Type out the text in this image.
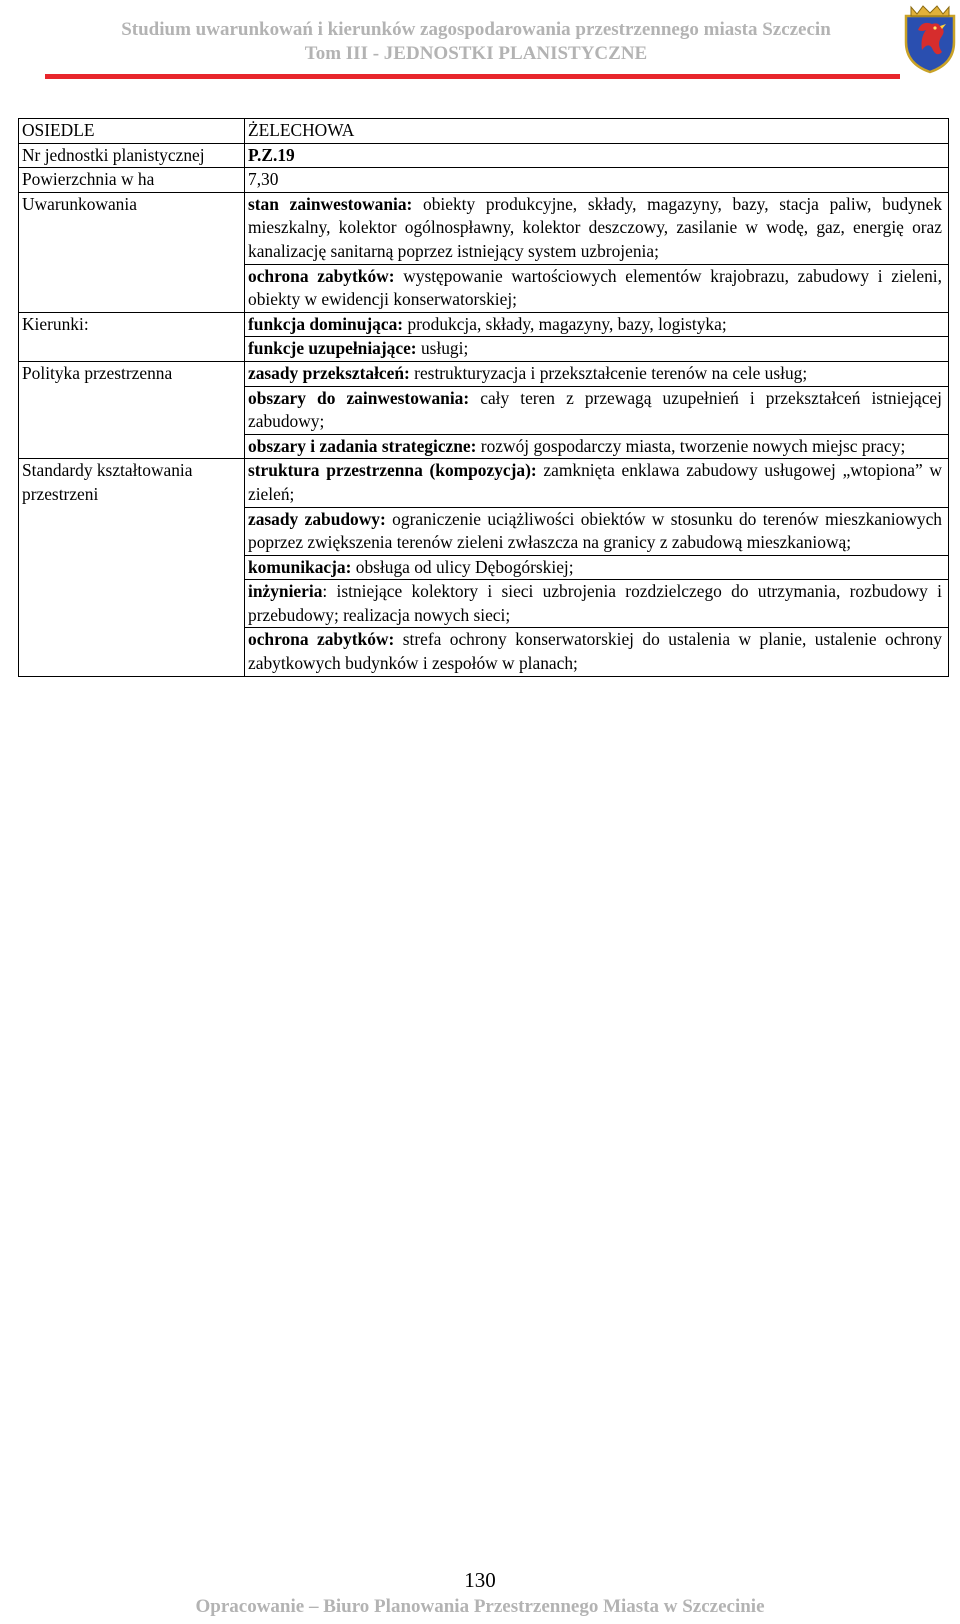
Studium uwarunkowań i kierunków zagospodarowania przestrzennego miasta Szczecin
Tom III - JEDNOSTKI PLANISTYCZNE
OSIEDLE	ŻELECHOWA
Nr jednostki planistycznej	P.Z.19
Powierzchnia w ha	7,30
Uwarunkowania	stan zainwestowania: obiekty produkcyjne, składy, magazyny, bazy, stacja paliw, budynek mieszkalny, kolektor ogólnospławny, kolektor deszczowy, zasilanie w wodę, gaz, energię oraz kanalizację sanitarną poprzez istniejący system uzbrojenia;
	ochrona zabytków: występowanie wartościowych elementów krajobrazu, zabudowy i zieleni, obiekty w ewidencji konserwatorskiej;
Kierunki:	funkcja dominująca: produkcja, składy, magazyny, bazy, logistyka;
	funkcje uzupełniające: usługi;
Polityka przestrzenna	zasady przekształceń: restrukturyzacja i przekształcenie terenów na cele usług;
	obszary do zainwestowania: cały teren z przewagą uzupełnień i przekształceń istniejącej zabudowy;
	obszary i zadania strategiczne: rozwój gospodarczy miasta, tworzenie nowych miejsc pracy;
Standardy kształtowania przestrzeni	struktura przestrzenna (kompozycja): zamknięta enklawa zabudowy usługowej „wtopiona” w zieleń;
	zasady zabudowy: ograniczenie uciążliwości obiektów w stosunku do terenów mieszkaniowych poprzez zwiększenia terenów zieleni zwłaszcza na granicy z zabudową mieszkaniową;
	komunikacja: obsługa od ulicy Dębogórskiej;
	inżynieria: istniejące kolektory i sieci uzbrojenia rozdzielczego do utrzymania, rozbudowy i przebudowy; realizacja nowych sieci;
	ochrona zabytków: strefa ochrony konserwatorskiej do ustalenia w planie, ustalenie ochrony zabytkowych budynków i zespołów w planach;
130
Opracowanie – Biuro Planowania Przestrzennego Miasta w Szczecinie
